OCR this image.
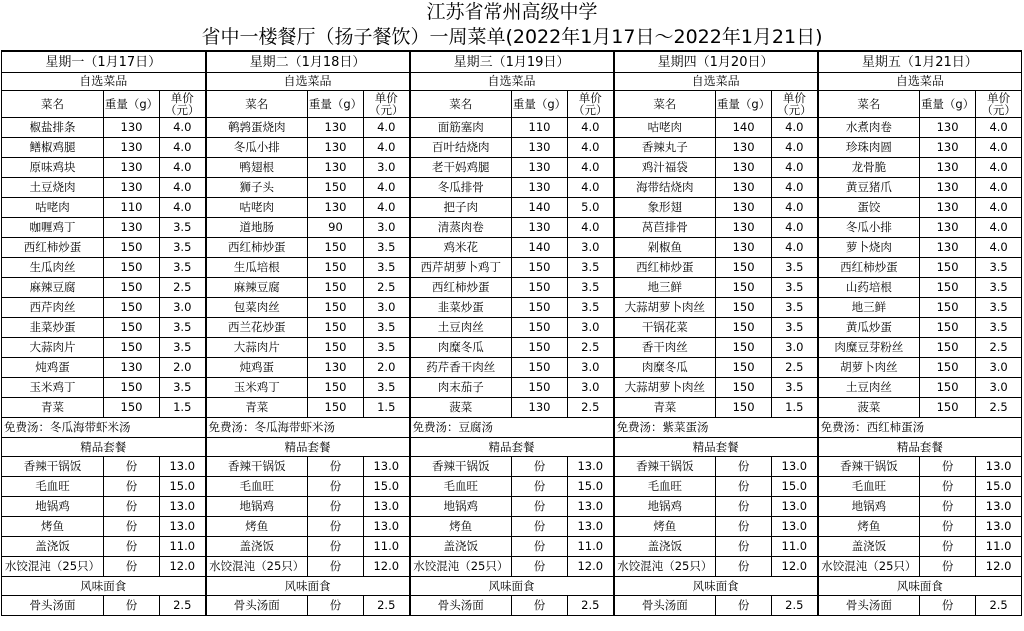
江苏省常州高级中学
省中一楼餐厅（扬子餐饮）一周菜单(2022年1月17日～2022年1月21日)
星期一（1月17日）			星期二（1月18日）			星期三（1月19日）			星期四（1月20日）			星期五（1月21日）		
自选菜品			自选菜品			自选菜品			自选菜品			自选菜品		
菜名	重量（g）	单价（元）	菜名	重量（g）	单价（元）	菜名	重量（g）	单价（元）	菜名	重量（g）	单价（元）	菜名	重量（g）	单价（元）
椒盐排条	130	4.0	鹌鹑蛋烧肉	130	4.0	面筋塞肉	110	4.0	咕咾肉	140	4.0	水煮肉卷	130	4.0
鳝椒鸡腿	130	4.0	冬瓜小排	130	4.0	百叶结烧肉	130	4.0	香辣丸子	130	4.0	珍珠肉圆	130	4.0
原味鸡块	130	4.0	鸭翅根	130	3.0	老干妈鸡腿	130	4.0	鸡汁福袋	130	4.0	龙骨脆	130	4.0
土豆烧肉	130	4.0	狮子头	150	4.0	冬瓜排骨	130	4.0	海带结烧肉	130	4.0	黄豆猪爪	130	4.0
咕咾肉	110	4.0	咕咾肉	130	4.0	把子肉	140	5.0	象形翅	130	4.0	蛋饺	130	4.0
咖喱鸡丁	130	3.5	道地肠	90	3.0	清蒸肉卷	130	4.0	莴苣排骨	130	4.0	冬瓜小排	130	4.0
西红柿炒蛋	150	3.5	西红柿炒蛋	150	3.5	鸡米花	140	3.0	剁椒鱼	130	4.0	萝卜烧肉	130	4.0
生瓜肉丝	150	3.5	生瓜培根	150	3.5	西芹胡萝卜鸡丁	150	3.5	西红柿炒蛋	150	3.5	西红柿炒蛋	150	3.5
麻辣豆腐	150	2.5	麻辣豆腐	150	2.5	西红柿炒蛋	150	3.5	地三鲜	150	3.5	山药培根	150	3.5
西芹肉丝	150	3.0	包菜肉丝	150	3.0	韭菜炒蛋	150	3.5	大蒜胡萝卜肉丝	150	3.5	地三鲜	150	3.5
韭菜炒蛋	150	3.5	西兰花炒蛋	150	3.5	土豆肉丝	150	3.0	干锅花菜	150	3.5	黄瓜炒蛋	150	3.5
大蒜肉片	150	3.5	大蒜肉片	150	3.5	肉糜冬瓜	150	2.5	香干肉丝	150	3.0	肉糜豆芽粉丝	150	2.5
炖鸡蛋	130	2.0	炖鸡蛋	130	2.0	药芹香干肉丝	150	3.0	肉糜冬瓜	150	2.5	胡萝卜肉丝	150	3.0
玉米鸡丁	150	3.5	玉米鸡丁	150	3.5	肉末茄子	150	3.0	大蒜胡萝卜肉丝	150	3.5	土豆肉丝	150	3.0
青菜	150	1.5	青菜	150	1.5	菠菜	130	2.5	青菜	150	1.5	菠菜	150	2.5
免费汤：冬瓜海带虾米汤			免费汤：冬瓜海带虾米汤			免费汤：豆腐汤			免费汤：紫菜蛋汤			免费汤：西红柿蛋汤		
精品套餐			精品套餐			精品套餐			精品套餐			精品套餐		
香辣干锅饭	份	13.0	香辣干锅饭	份	13.0	香辣干锅饭	份	13.0	香辣干锅饭	份	13.0	香辣干锅饭	份	13.0
毛血旺	份	15.0	毛血旺	份	15.0	毛血旺	份	15.0	毛血旺	份	15.0	毛血旺	份	15.0
地锅鸡	份	13.0	地锅鸡	份	13.0	地锅鸡	份	13.0	地锅鸡	份	13.0	地锅鸡	份	13.0
烤鱼	份	13.0	烤鱼	份	13.0	烤鱼	份	13.0	烤鱼	份	13.0	烤鱼	份	13.0
盖浇饭	份	11.0	盖浇饭	份	11.0	盖浇饭	份	11.0	盖浇饭	份	11.0	盖浇饭	份	11.0
水饺混沌（25只）	份	12.0	水饺混沌（25只）	份	12.0	水饺混沌（25只）	份	12.0	水饺混沌（25只）	份	12.0	水饺混沌（25只）	份	12.0
风味面食			风味面食			风味面食			风味面食			风味面食		
骨头汤面	份	2.5	骨头汤面	份	2.5	骨头汤面	份	2.5	骨头汤面	份	2.5	骨头汤面	份	2.5
